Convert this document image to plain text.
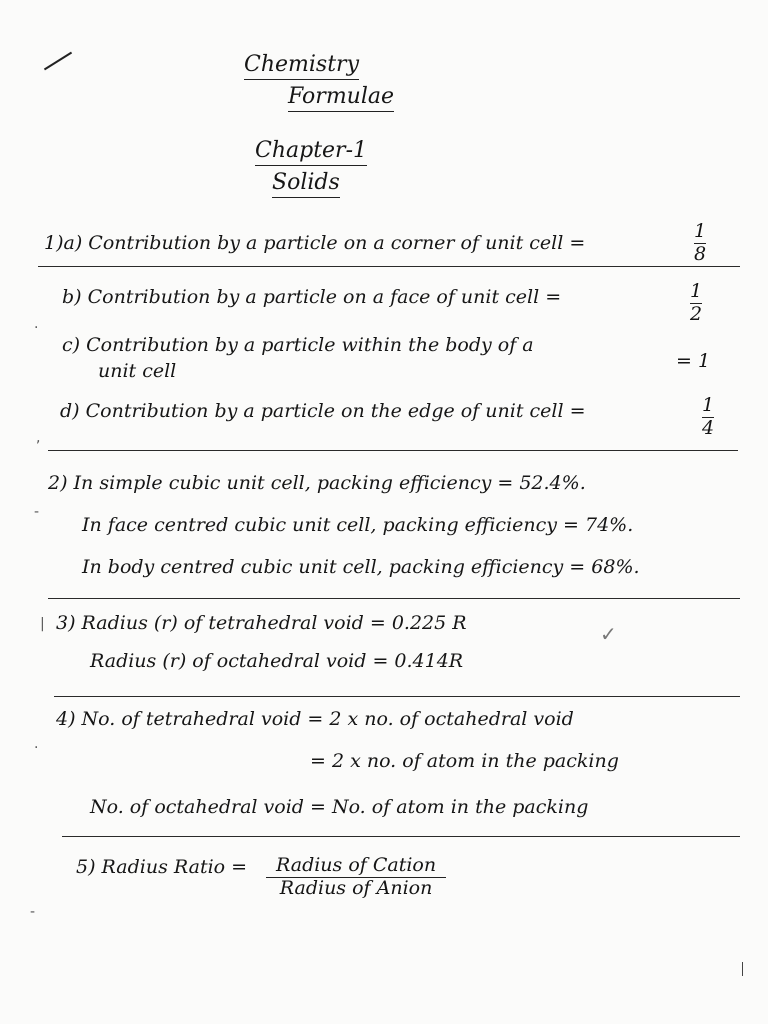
Chemistry
Formulae
Chapter-1
Solids
1)a) Contribution by a particle on a corner of unit cell =
1
8
b) Contribution by a particle on a face of unit cell =	1
2
c) Contribution by a particle within the body of a
unit cell	= 1
d) Contribution by a particle on the edge of unit cell =	1
4
2) In simple cubic unit cell, packing efficiency = 52.4%.
In face centred cubic unit cell, packing efficiency = 74%.
In body centred cubic unit cell, packing efficiency = 68%.
3) Radius (r) of tetrahedral void = 0.225 R
Radius (r) of octahedral void = 0.414R
✓
4) No. of tetrahedral void = 2 x no. of octahedral void
= 2 x no. of atom in the packing
No. of octahedral void = No. of atom in the packing
5) Radius Ratio = Radius of Cation
Radius of Anion
·
,
-
|
·
-
